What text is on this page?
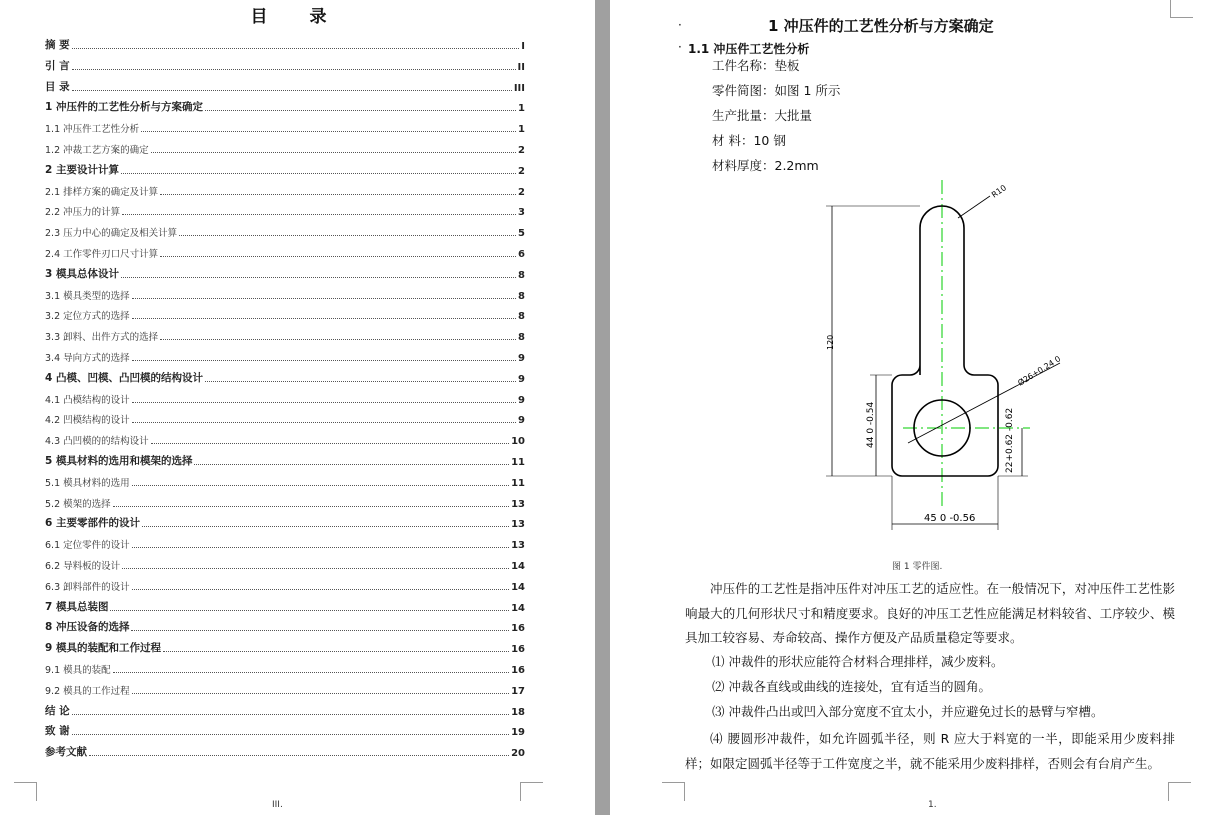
目 录
摘 要	I
引 言	II
目 录	III
1 冲压件的工艺性分析与方案确定	1
1.1 冲压件工艺性分析	1
1.2 冲裁工艺方案的确定	2
2 主要设计计算	2
2.1 排样方案的确定及计算	2
2.2 冲压力的计算	3
2.3 压力中心的确定及相关计算	5
2.4 工作零件刃口尺寸计算	6
3 模具总体设计	8
3.1 模具类型的选择	8
3.2 定位方式的选择	8
3.3 卸料、出件方式的选择	8
3.4 导向方式的选择	9
4 凸模、凹模、凸凹模的结构设计	9
4.1 凸模结构的设计	9
4.2 凹模结构的设计	9
4.3 凸凹模的的结构设计	10
5 模具材料的选用和模架的选择	11
5.1 模具材料的选用	11
5.2 模架的选择	13
6 主要零部件的设计	13
6.1 定位零件的设计	13
6.2 导料板的设计	14
6.3 卸料部件的设计	14
7 模具总装图	14
8 冲压设备的选择	16
9 模具的装配和工作过程	16
9.1 模具的装配	16
9.2 模具的工作过程	17
结 论	18
致 谢	19
参考文献	20
III.
·	1 冲压件的工艺性分析与方案确定
· 1.1 冲压件工艺性分析
工件名称：垫板
零件简图：如图 1 所示
生产批量：大批量
材 料：10 钢
材料厚度：2.2mm
120
R10
Ø26+0.24 0
44 0 -0.54	22+0.62 -0.62
45 0 -0.56
图 1 零件图.
冲压件的工艺性是指冲压件对冲压工艺的适应性。在一般情况下，对冲压件工艺性影响最大的几何形状尺寸和精度要求。良好的冲压工艺性应能满足材料较省、工序较少、模具加工较容易、寿命较高、操作方便及产品质量稳定等要求。
⑴ 冲裁件的形状应能符合材料合理排样，减少废料。
⑵ 冲裁各直线或曲线的连接处，宜有适当的圆角。
⑶ 冲裁件凸出或凹入部分宽度不宜太小，并应避免过长的悬臂与窄槽。
⑷ 腰圆形冲裁件，如允许圆弧半径，则 R 应大于料宽的一半，即能采用少废料排样；如限定圆弧半径等于工件宽度之半，就不能采用少废料排样，否则会有台肩产生。
1.
